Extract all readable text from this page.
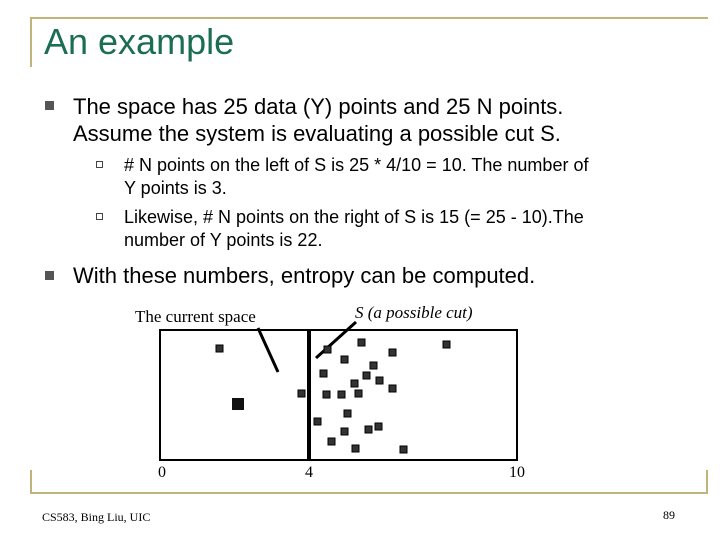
An example
The space has 25 data (Y) points and 25 N points.
Assume the system is evaluating a possible cut S.
# N points on the left of S is 25 * 4/10 = 10. The number of
Y points is 3.
Likewise, # N points on the right of S is 15 (= 25 - 10).The
number of Y points is 22.
With these numbers, entropy can be computed.
The current space	S (a possible cut)
0	4	10
CS583, Bing Liu, UIC	89
